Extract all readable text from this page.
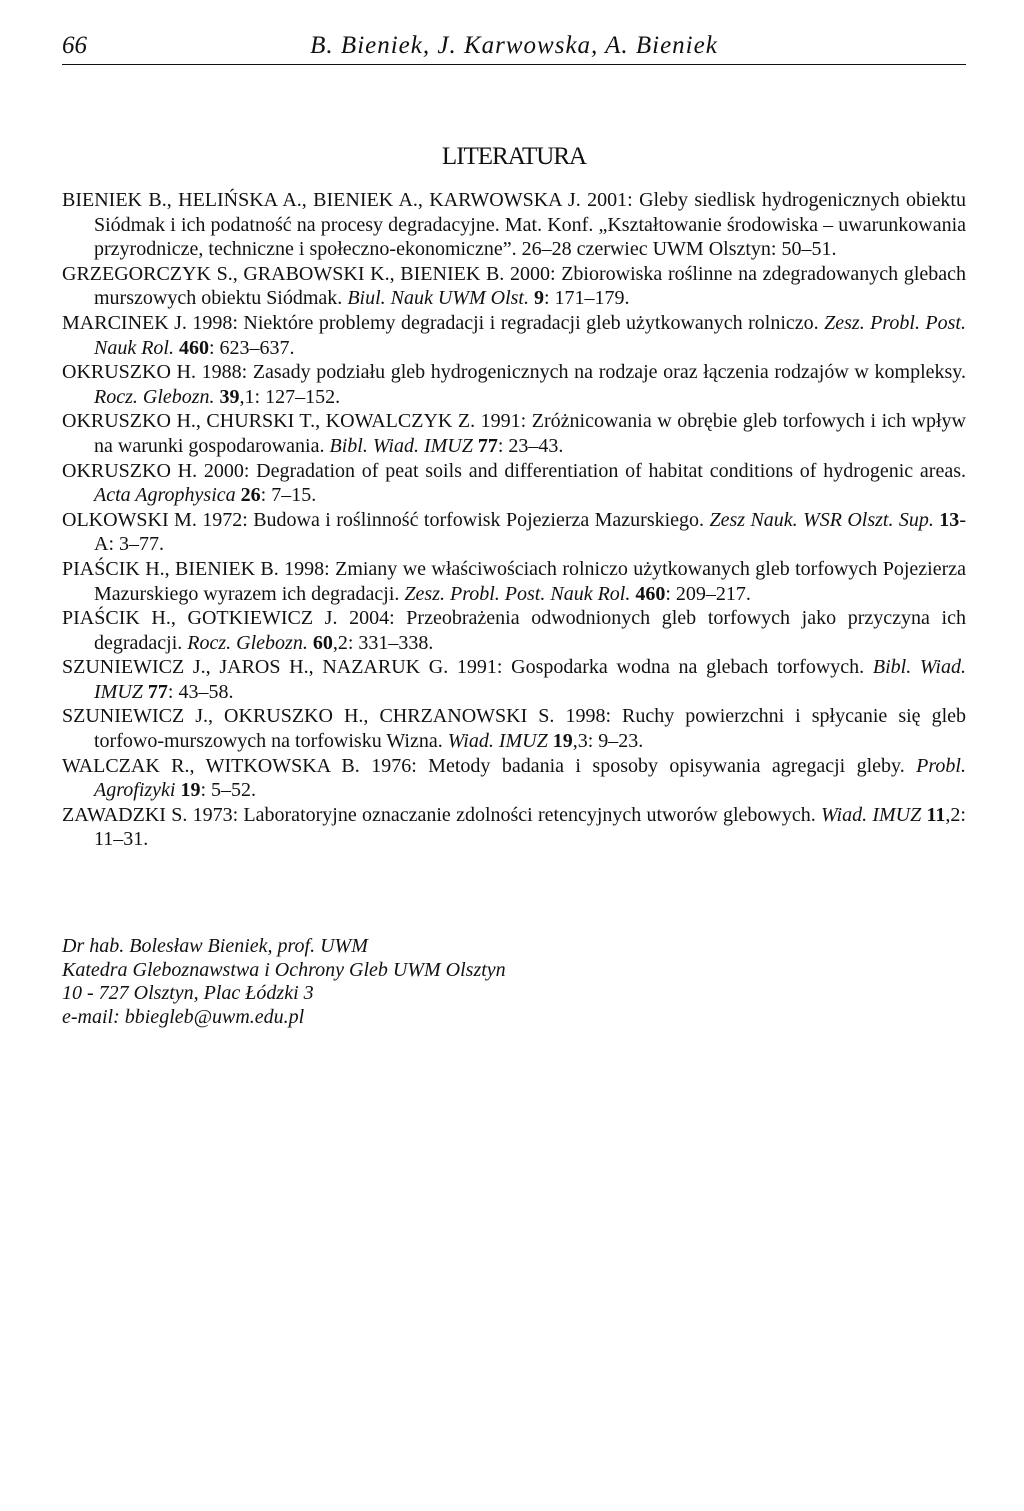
66	B. Bieniek, J. Karwowska, A. Bieniek
LITERATURA
BIENIEK B., HELIŃSKA A., BIENIEK A., KARWOWSKA J. 2001: Gleby siedlisk hydrogenicznych obiektu Siódmak i ich podatność na procesy degradacyjne. Mat. Konf. „Kształtowanie środowiska – uwarunkowania przyrodnicze, techniczne i społeczno-ekonomiczne”. 26–28 czerwiec UWM Olsztyn: 50–51.
GRZEGORCZYK S., GRABOWSKI K., BIENIEK B. 2000: Zbiorowiska roślinne na zdegradowanych glebach murszowych obiektu Siódmak. Biul. Nauk UWM Olst. 9: 171–179.
MARCINEK J. 1998: Niektóre problemy degradacji i regradacji gleb użytkowanych rolniczo. Zesz. Probl. Post. Nauk Rol. 460: 623–637.
OKRUSZKO H. 1988: Zasady podziału gleb hydrogenicznych na rodzaje oraz łączenia rodzajów w kompleksy. Rocz. Glebozn. 39,1: 127–152.
OKRUSZKO H., CHURSKI T., KOWALCZYK Z. 1991: Zróżnicowania w obrębie gleb torfowych i ich wpływ na warunki gospodarowania. Bibl. Wiad. IMUZ 77: 23–43.
OKRUSZKO H. 2000: Degradation of peat soils and differentiation of habitat conditions of hydrogenic areas. Acta Agrophysica 26: 7–15.
OLKOWSKI M. 1972: Budowa i roślinność torfowisk Pojezierza Mazurskiego. Zesz Nauk. WSR Olszt. Sup. 13-A: 3–77.
PIAŚCIK H., BIENIEK B. 1998: Zmiany we właściwościach rolniczo użytkowanych gleb torfowych Pojezierza Mazurskiego wyrazem ich degradacji. Zesz. Probl. Post. Nauk Rol. 460: 209–217.
PIAŚCIK H., GOTKIEWICZ J. 2004: Przeobrażenia odwodnionych gleb torfowych jako przyczyna ich degradacji. Rocz. Glebozn. 60,2: 331–338.
SZUNIEWICZ J., JAROS H., NAZARUK G. 1991: Gospodarka wodna na glebach torfowych. Bibl. Wiad. IMUZ 77: 43–58.
SZUNIEWICZ J., OKRUSZKO H., CHRZANOWSKI S. 1998: Ruchy powierzchni i spłycanie się gleb torfowo-murszowych na torfowisku Wizna. Wiad. IMUZ 19,3: 9–23.
WALCZAK R., WITKOWSKA B. 1976: Metody badania i sposoby opisywania agregacji gleby. Probl. Agrofizyki 19: 5–52.
ZAWADZKI S. 1973: Laboratoryjne oznaczanie zdolności retencyjnych utworów glebowych. Wiad. IMUZ 11,2: 11–31.
Dr hab. Bolesław Bieniek, prof. UWM
Katedra Gleboznawstwa i Ochrony Gleb UWM Olsztyn
10 - 727 Olsztyn, Plac Łódzki 3
e-mail: bbiegleb@uwm.edu.pl
